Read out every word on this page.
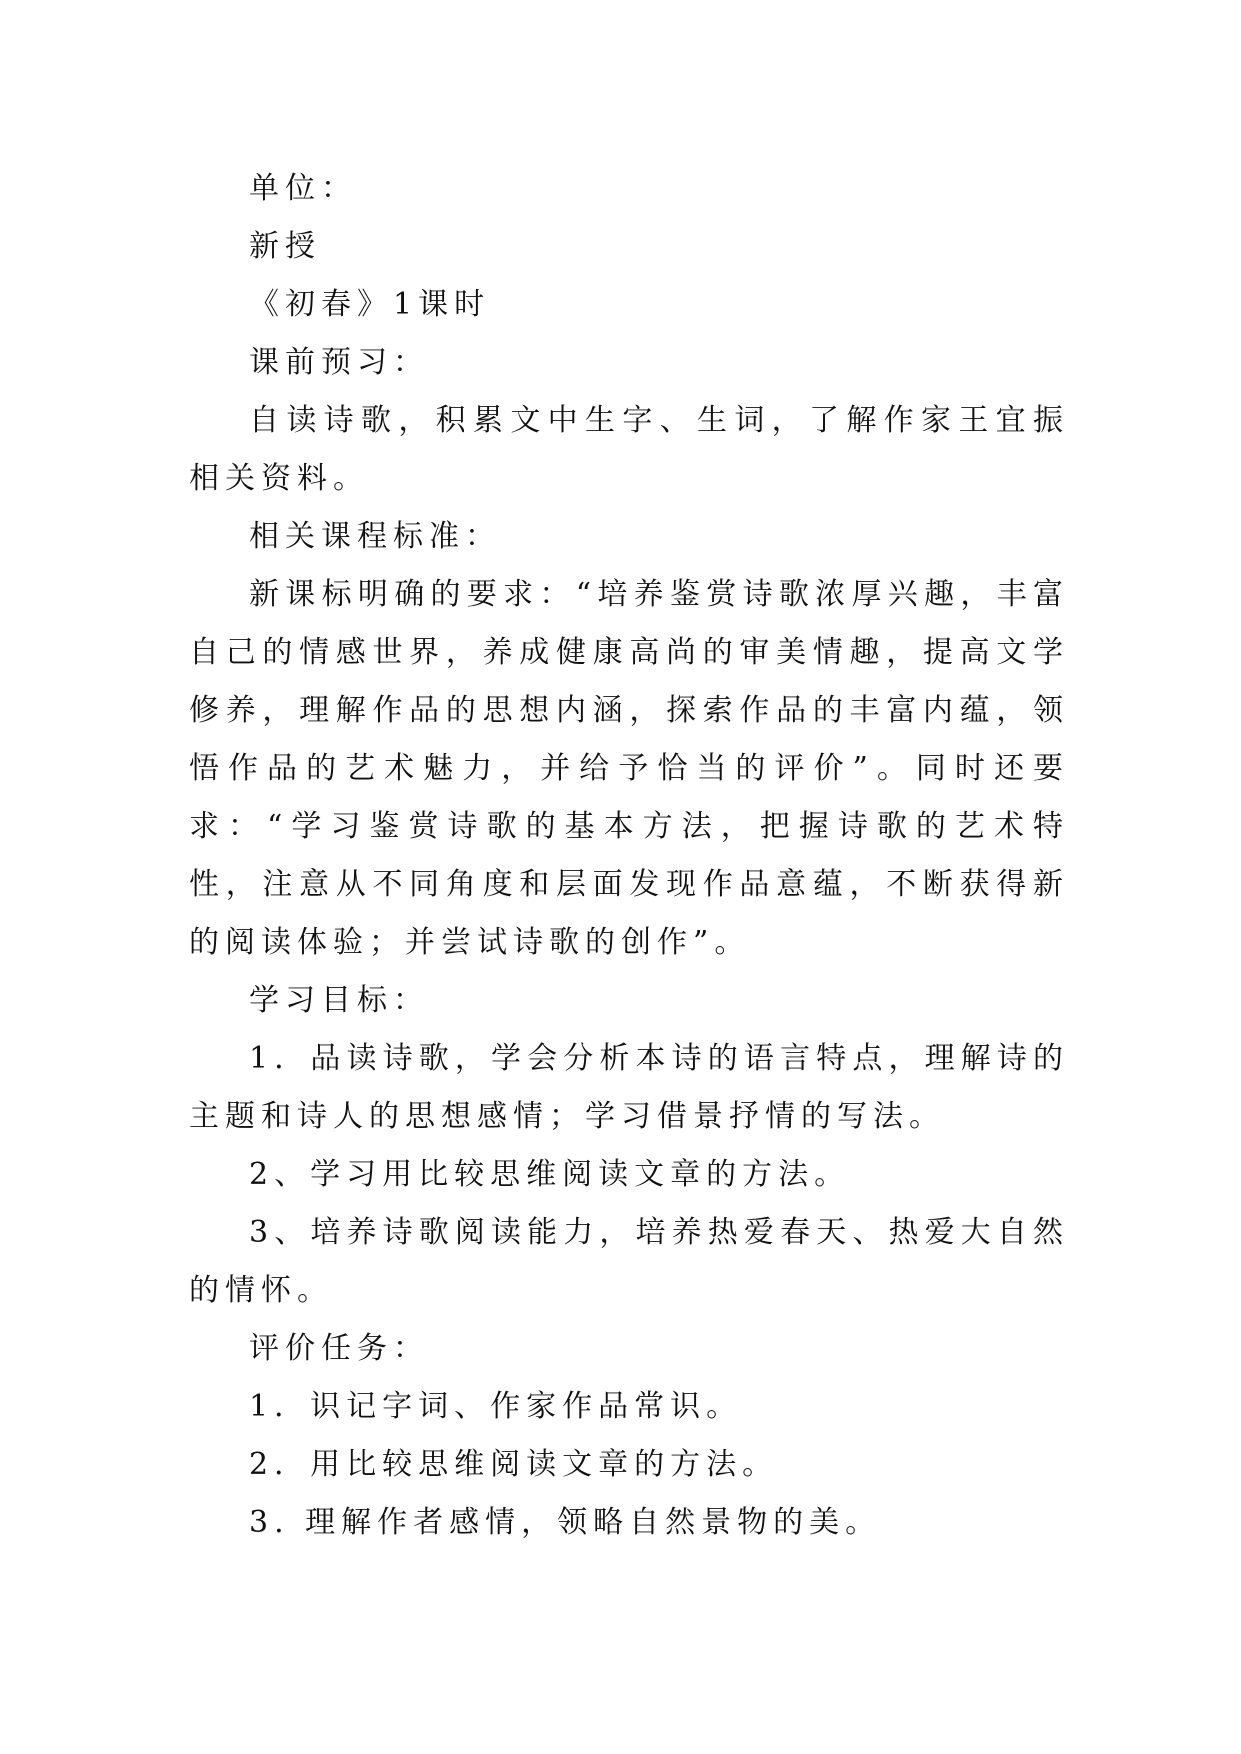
单位：

新授

《初春》1课时

课前预习：

自读诗歌，积累文中生字、生词，了解作家王宜振相关资料。

相关课程标准：

新课标明确的要求：“培养鉴赏诗歌浓厚兴趣，丰富自己的情感世界，养成健康高尚的审美情趣，提高文学修养，理解作品的思想内涵，探索作品的丰富内蕴，领悟作品的艺术魅力，并给予恰当的评价”。同时还要求：“学习鉴赏诗歌的基本方法，把握诗歌的艺术特性，注意从不同角度和层面发现作品意蕴，不断获得新的阅读体验；并尝试诗歌的创作”。

学习目标：

1．品读诗歌，学会分析本诗的语言特点，理解诗的主题和诗人的思想感情；学习借景抒情的写法。

2、学习用比较思维阅读文章的方法。

3、培养诗歌阅读能力，培养热爱春天、热爱大自然的情怀。

评价任务：

1．识记字词、作家作品常识。

2．用比较思维阅读文章的方法。

3. 理解作者感情，领略自然景物的美。
